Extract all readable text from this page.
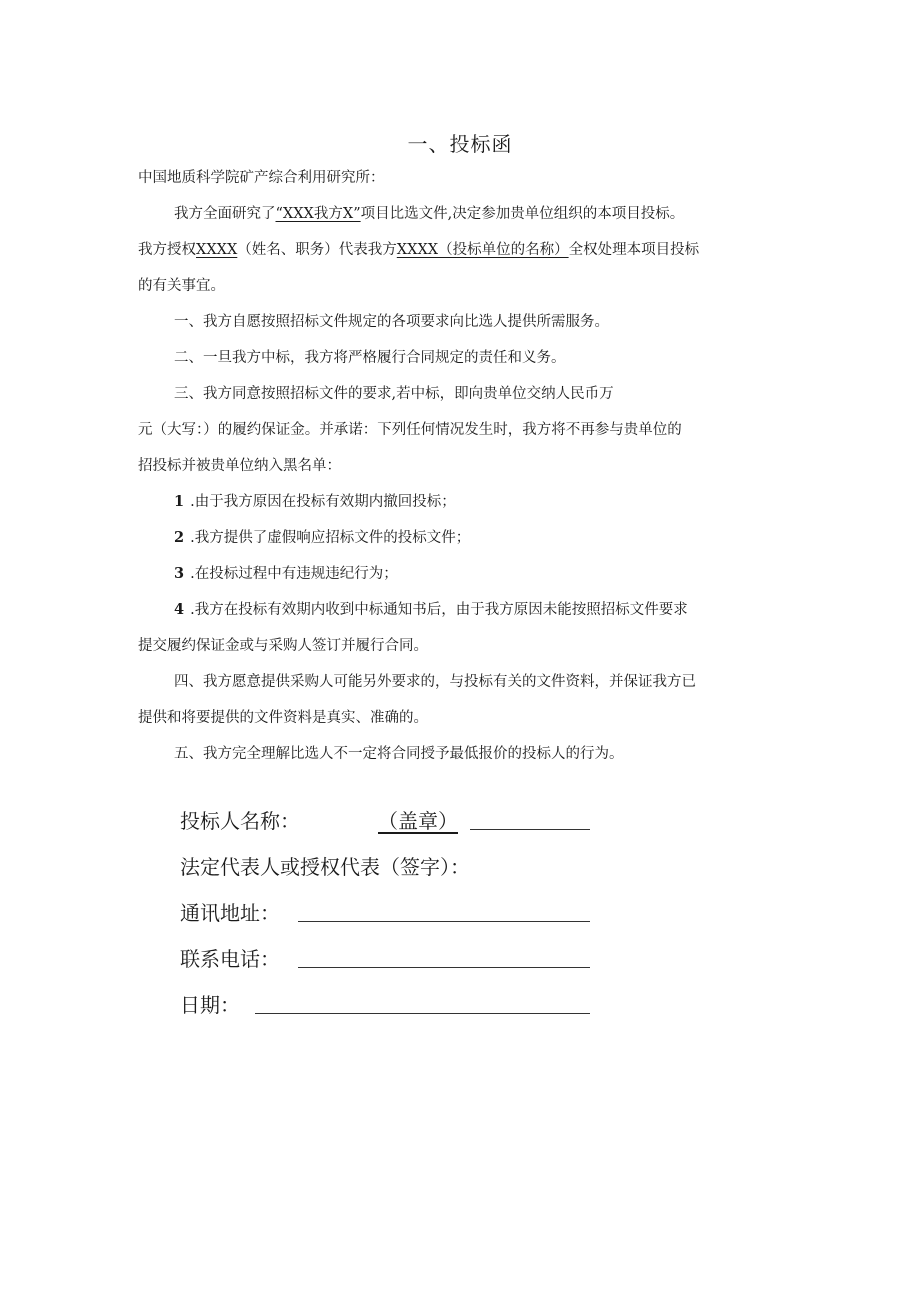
一、投标函

中国地质科学院矿产综合利用研究所：

我方全面研究了“XXX我方X”项目比选文件,决定参加贵单位组织的本项目投标。

我方授权XXXX（姓名、职务）代表我方XXXX（投标单位的名称）全权处理本项目投标

的有关事宜。

一、我方自愿按照招标文件规定的各项要求向比选人提供所需服务。

二、一旦我方中标，我方将严格履行合同规定的责任和义务。

三、我方同意按照招标文件的要求,若中标，即向贵单位交纳人民币万

元（大写：）的履约保证金。并承诺：下列任何情况发生时，我方将不再参与贵单位的

招投标并被贵单位纳入黑名单：

1 .由于我方原因在投标有效期内撤回投标；

2 .我方提供了虚假响应招标文件的投标文件；

3 .在投标过程中有违规违纪行为；

4 .我方在投标有效期内收到中标通知书后，由于我方原因未能按照招标文件要求

提交履约保证金或与采购人签订并履行合同。

四、我方愿意提供采购人可能另外要求的，与投标有关的文件资料，并保证我方已

提供和将要提供的文件资料是真实、准确的。

五、我方完全理解比选人不一定将合同授予最低报价的投标人的行为。

投标人名称：	（盖章）
法定代表人或授权代表（签字）：
通讯地址：
联系电话：
日期：
